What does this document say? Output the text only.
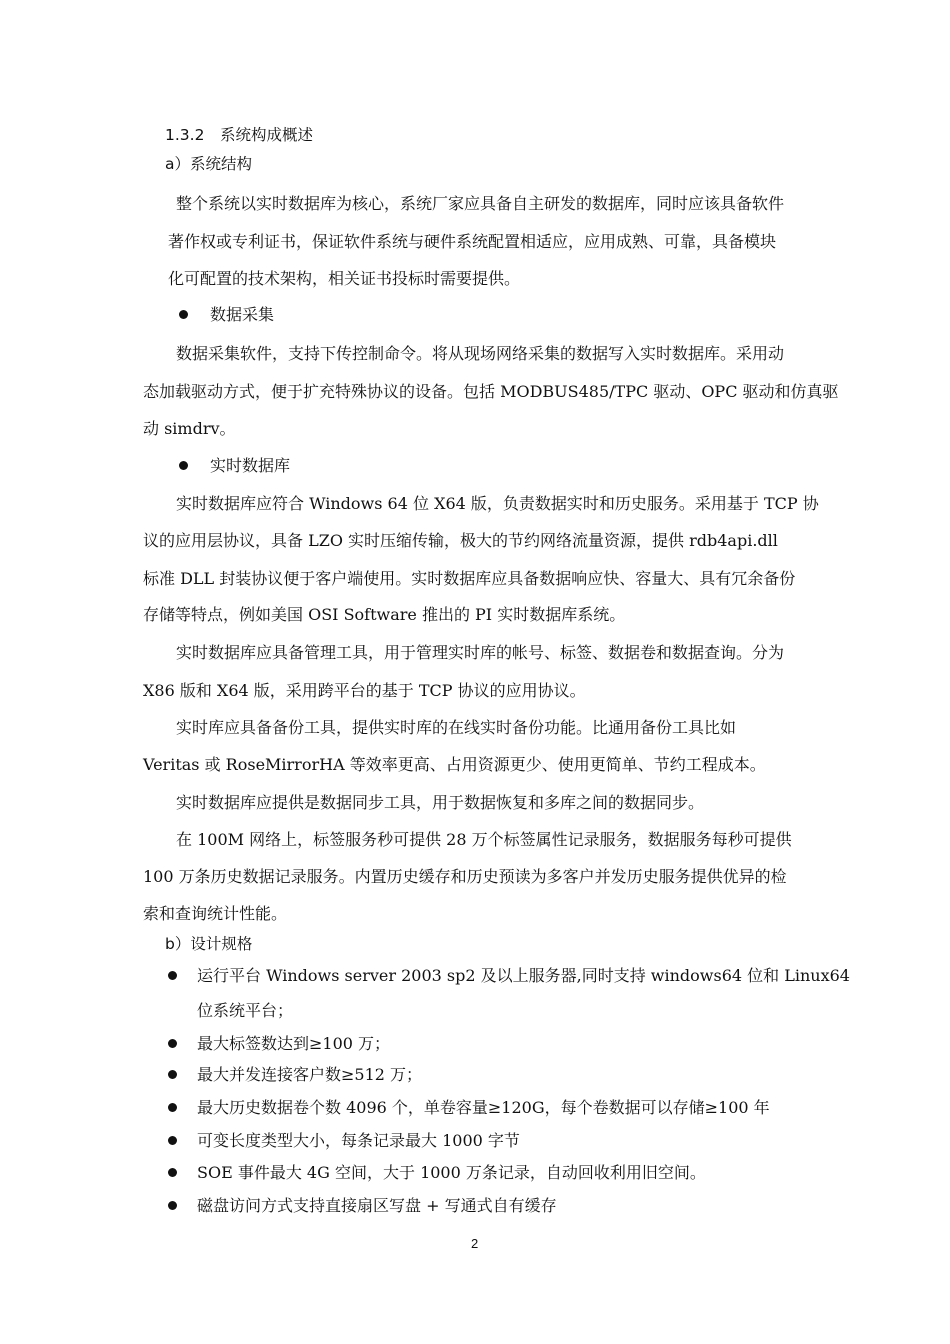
1.3.2　系统构成概述
a）系统结构
整个系统以实时数据库为核心，系统厂家应具备自主研发的数据库，同时应该具备软件
著作权或专利证书，保证软件系统与硬件系统配置相适应，应用成熟、可靠，具备模块
化可配置的技术架构，相关证书投标时需要提供。
数据采集
数据采集软件，支持下传控制命令。将从现场网络采集的数据写入实时数据库。采用动
态加载驱动方式，便于扩充特殊协议的设备。包括 MODBUS485/TPC 驱动、OPC 驱动和仿真驱
动 simdrv。
实时数据库
实时数据库应符合 Windows 64 位 X64 版，负责数据实时和历史服务。采用基于 TCP 协
议的应用层协议，具备 LZO 实时压缩传输，极大的节约网络流量资源，提供 rdb4api.dll
标准 DLL 封装协议便于客户端使用。实时数据库应具备数据响应快、容量大、具有冗余备份
存储等特点，例如美国 OSI Software 推出的 PI 实时数据库系统。
实时数据库应具备管理工具，用于管理实时库的帐号、标签、数据卷和数据查询。分为
X86 版和 X64 版，采用跨平台的基于 TCP 协议的应用协议。
实时库应具备备份工具，提供实时库的在线实时备份功能。比通用备份工具比如
Veritas 或 RoseMirrorHA 等效率更高、占用资源更少、使用更简单、节约工程成本。
实时数据库应提供是数据同步工具，用于数据恢复和多库之间的数据同步。
在 100M 网络上，标签服务秒可提供 28 万个标签属性记录服务，数据服务每秒可提供
100 万条历史数据记录服务。内置历史缓存和历史预读为多客户并发历史服务提供优异的检
索和查询统计性能。
b）设计规格
运行平台 Windows server 2003 sp2 及以上服务器,同时支持 windows64 位和 Linux64
位系统平台；
最大标签数达到≥100 万；
最大并发连接客户数≥512 万；
最大历史数据卷个数 4096 个，单卷容量≥120G，每个卷数据可以存储≥100 年
可变长度类型大小，每条记录最大 1000 字节
SOE 事件最大 4G 空间，大于 1000 万条记录，自动回收利用旧空间。
磁盘访问方式支持直接扇区写盘 + 写通式自有缓存
2
